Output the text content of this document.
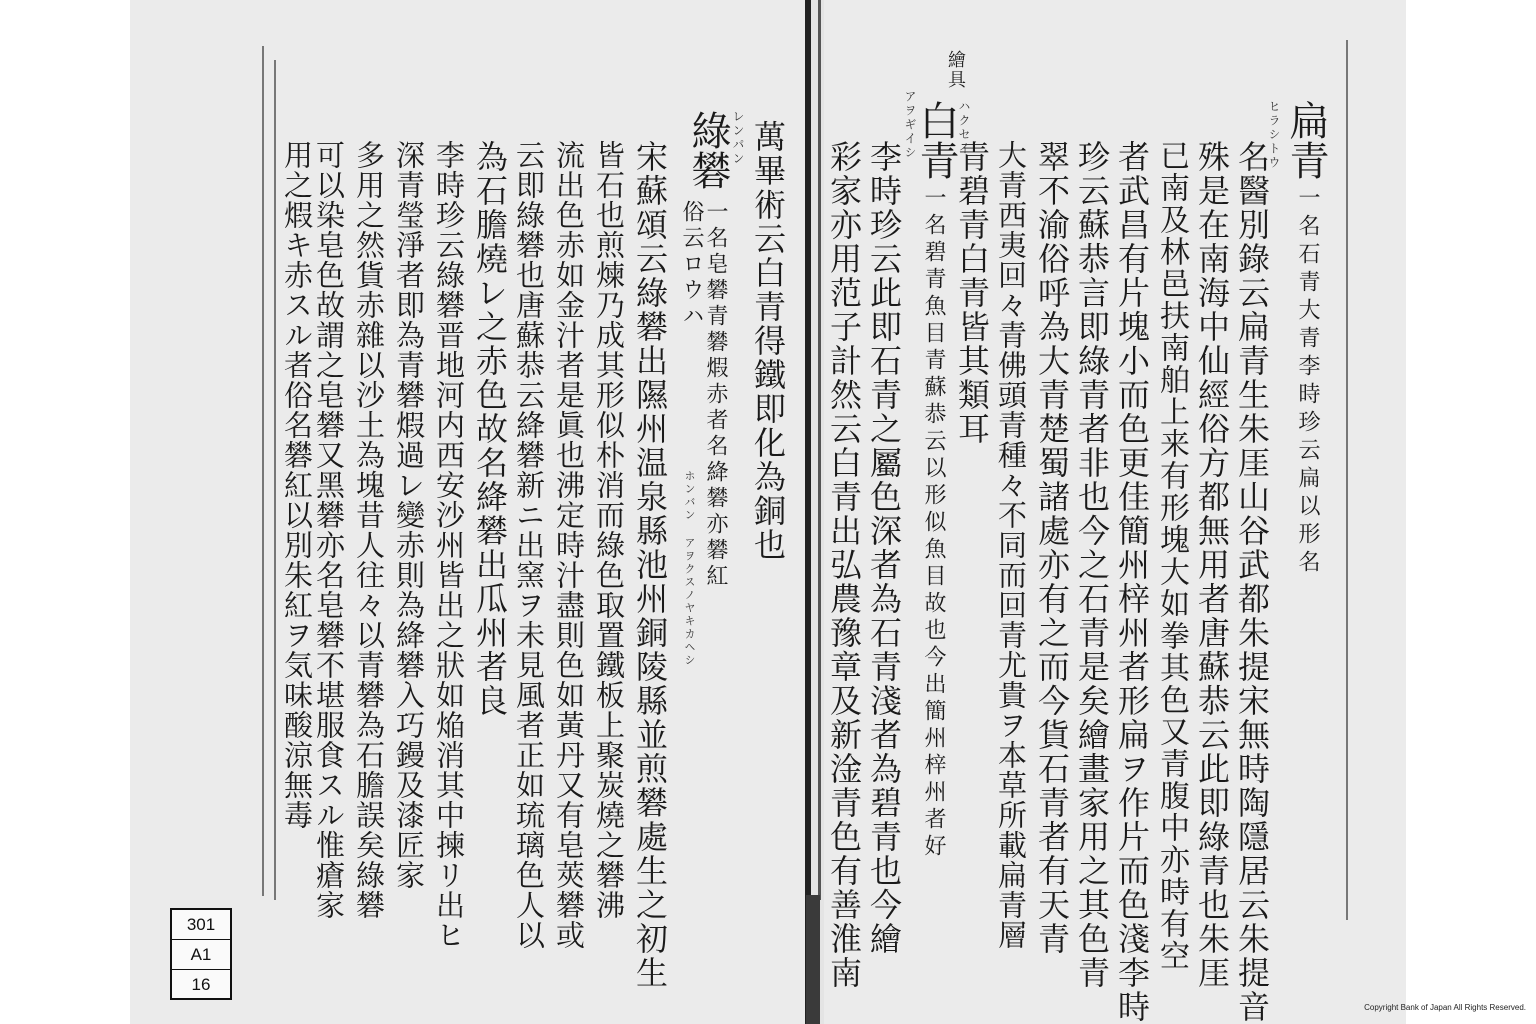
扁青
ヒラシトウ
一名石青大青李時珍云扁以形名
名醫別錄云扁青生朱厓山谷武都朱提宋無時陶隱居云朱提音
殊是在南海中仙經俗方都無用者唐蘇恭云此即綠青也朱厓
已南及林邑扶南舶上来有形塊大如拳其色又青腹中亦時有空
者武昌有片塊小而色更佳簡州梓州者形扁ヲ作片而色淺李時
珍云蘇恭言即綠青者非也今之石青是矣繪畫家用之其色青
翠不渝俗呼為大青楚蜀諸處亦有之而今貨石青者有天青
大青西夷回々青佛頭青種々不同而回青尤貴ヲ本草所載扁青層
青碧青白青皆其類耳
繪具
白青
ハクセイ
アヲギイシ
一名碧青魚目青蘇恭云以形似魚目故也今出簡州梓州者好
李時珍云此即石青之屬色深者為石青淺者為碧青也今繪
彩家亦用范子計然云白青出弘農豫章及新淦青色有善淮南
萬畢術云白青得鐵即化為銅也
綠礬 レンパン
一名皂礬青礬煆赤者名絳礬亦礬紅
ホンバン アヲクスノヤキカヘシ
俗云ロウハ
宋蘇頌云綠礬出隰州温泉縣池州銅陵縣並煎礬處生之初生
皆石也煎煉乃成其形似朴消而綠色取置鐵板上聚炭燒之礬沸
流出色赤如金汁者是眞也沸定時汁盡則色如黃丹又有皂莢礬或
云即綠礬也唐蘇恭云絳礬新ニ出窯ヲ未見風者正如琉璃色人以
為石膽燒レ之赤色故名絳礬出瓜州者良
李時珍云綠礬晋地河内西安沙州皆出之狀如焔消其中揀リ出ヒ
深青瑩淨者即為青礬煆過レ變赤則為絳礬入巧鏝及漆匠家
多用之然貨赤雜以沙土為塊昔人往々以青礬為石膽誤矣綠礬
可以染皂色故謂之皂礬又黑礬亦名皂礬不堪服食スル惟瘡家
用之煆キ赤スル者俗名礬紅以別朱紅ヲ気味酸涼無毒
301
A1
16
Copyright Bank of Japan All Rights Reserved.
